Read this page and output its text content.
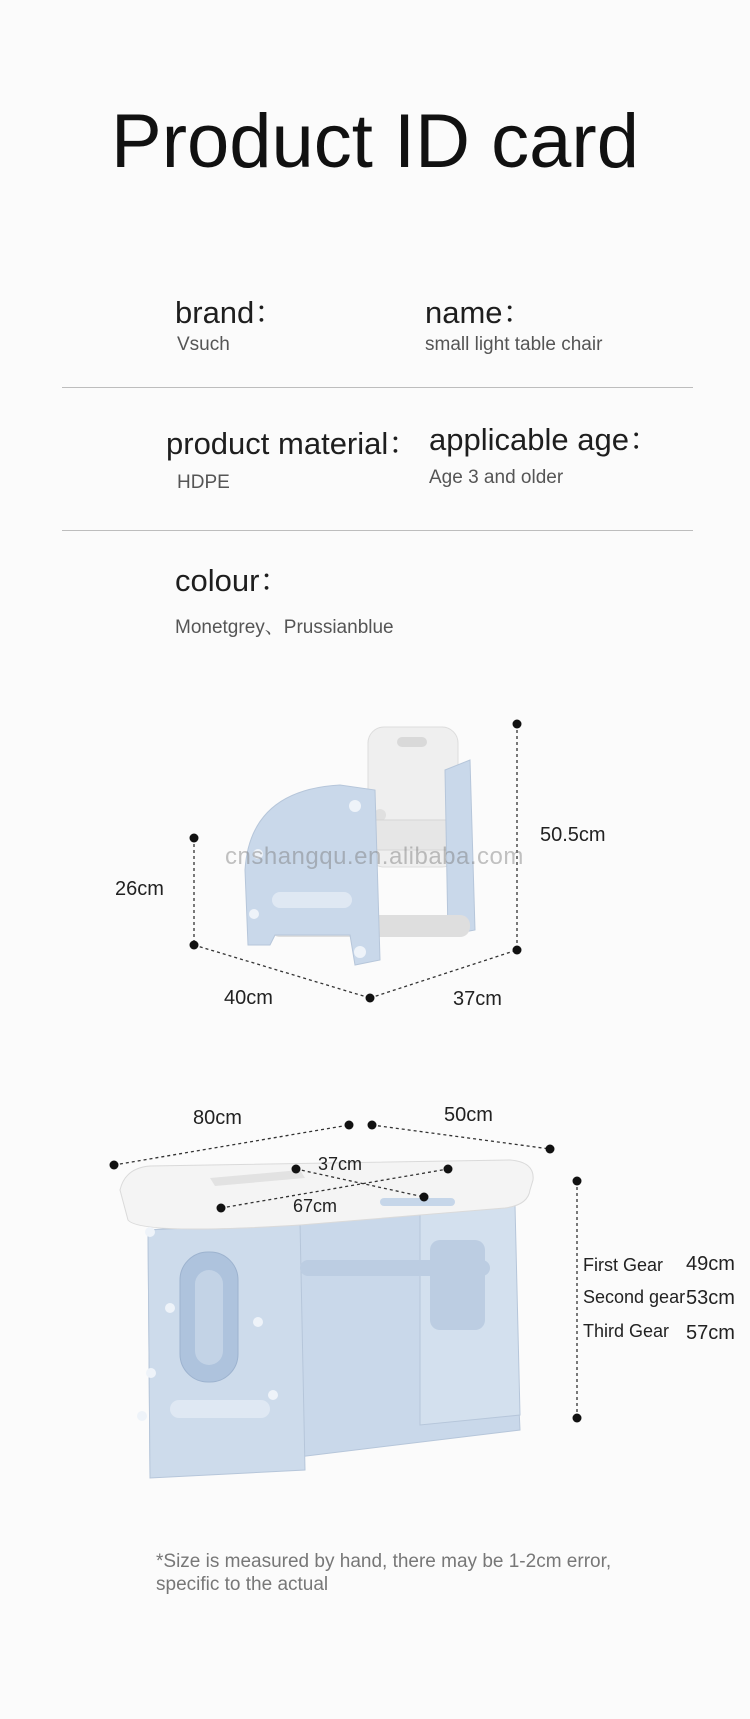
Product ID card
brand：
Vsuch
name：
small light table chair
product material：
HDPE
applicable age：
Age 3 and older
colour：
Monetgrey、Prussianblue
cnshangqu.en.alibaba.com
50.5cm
26cm
40cm	37cm
80cm	50cm
37cm
67cm
First Gear 49cm
Second gear 53cm
Third Gear 57cm
*Size is measured by hand, there may be 1-2cm error, specific to the actual
